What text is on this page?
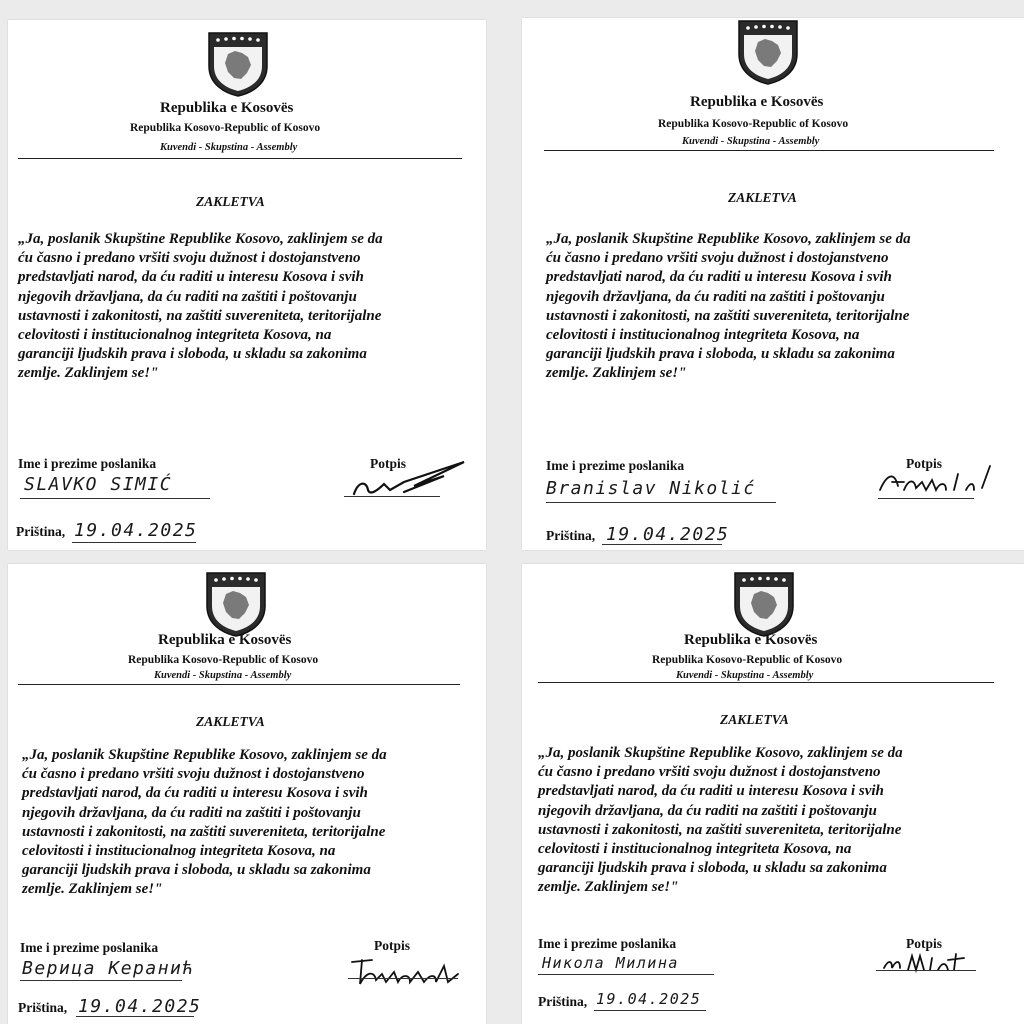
Republika e Kosovës
Republika Kosovo-Republic of Kosovo
Kuvendi - Skupstina - Assembly
ZAKLETVA
„Ja, poslanik Skupštine Republike Kosovo, zaklinjem se da
ću časno i predano vršiti svoju dužnost i dostojanstveno
predstavljati narod, da ću raditi u interesu Kosova i svih
njegovih državljana, da ću raditi na zaštiti i poštovanju
ustavnosti i zakonitosti, na zaštiti suvereniteta, teritorijalne
celovitosti i institucionalnog integriteta Kosova, na
garanciji ljudskih prava i sloboda, u skladu sa zakonima
zemlje. Zaklinjem se!"
Ime i prezime poslanika	Potpis
SLAVKO SIMIĆ
Priština, 19.04.2025
Republika e Kosovës
Republika Kosovo-Republic of Kosovo
Kuvendi - Skupstina - Assembly
ZAKLETVA
„Ja, poslanik Skupštine Republike Kosovo, zaklinjem se da
ću časno i predano vršiti svoju dužnost i dostojanstveno
predstavljati narod, da ću raditi u interesu Kosova i svih
njegovih državljana, da ću raditi na zaštiti i poštovanju
ustavnosti i zakonitosti, na zaštiti suvereniteta, teritorijalne
celovitosti i institucionalnog integriteta Kosova, na
garanciji ljudskih prava i sloboda, u skladu sa zakonima
zemlje. Zaklinjem se!"
Ime i prezime poslanika	Potpis
Branislav Nikolić
Priština, 19.04.2025
Republika e Kosovës
Republika Kosovo-Republic of Kosovo
Kuvendi - Skupstina - Assembly
ZAKLETVA
„Ja, poslanik Skupštine Republike Kosovo, zaklinjem se da
ću časno i predano vršiti svoju dužnost i dostojanstveno
predstavljati narod, da ću raditi u interesu Kosova i svih
njegovih državljana, da ću raditi na zaštiti i poštovanju
ustavnosti i zakonitosti, na zaštiti suvereniteta, teritorijalne
celovitosti i institucionalnog integriteta Kosova, na
garanciji ljudskih prava i sloboda, u skladu sa zakonima
zemlje. Zaklinjem se!"
Ime i prezime poslanika	Potpis
Верица Керанић
Priština, 19.04.2025
Republika e Kosovës
Republika Kosovo-Republic of Kosovo
Kuvendi - Skupstina - Assembly
ZAKLETVA
„Ja, poslanik Skupštine Republike Kosovo, zaklinjem se da
ću časno i predano vršiti svoju dužnost i dostojanstveno
predstavljati narod, da ću raditi u interesu Kosova i svih
njegovih državljana, da ću raditi na zaštiti i poštovanju
ustavnosti i zakonitosti, na zaštiti suvereniteta, teritorijalne
celovitosti i institucionalnog integriteta Kosova, na
garanciji ljudskih prava i sloboda, u skladu sa zakonima
zemlje. Zaklinjem se!"
Ime i prezime poslanika	Potpis
Никола Милина
Priština, 19.04.2025
